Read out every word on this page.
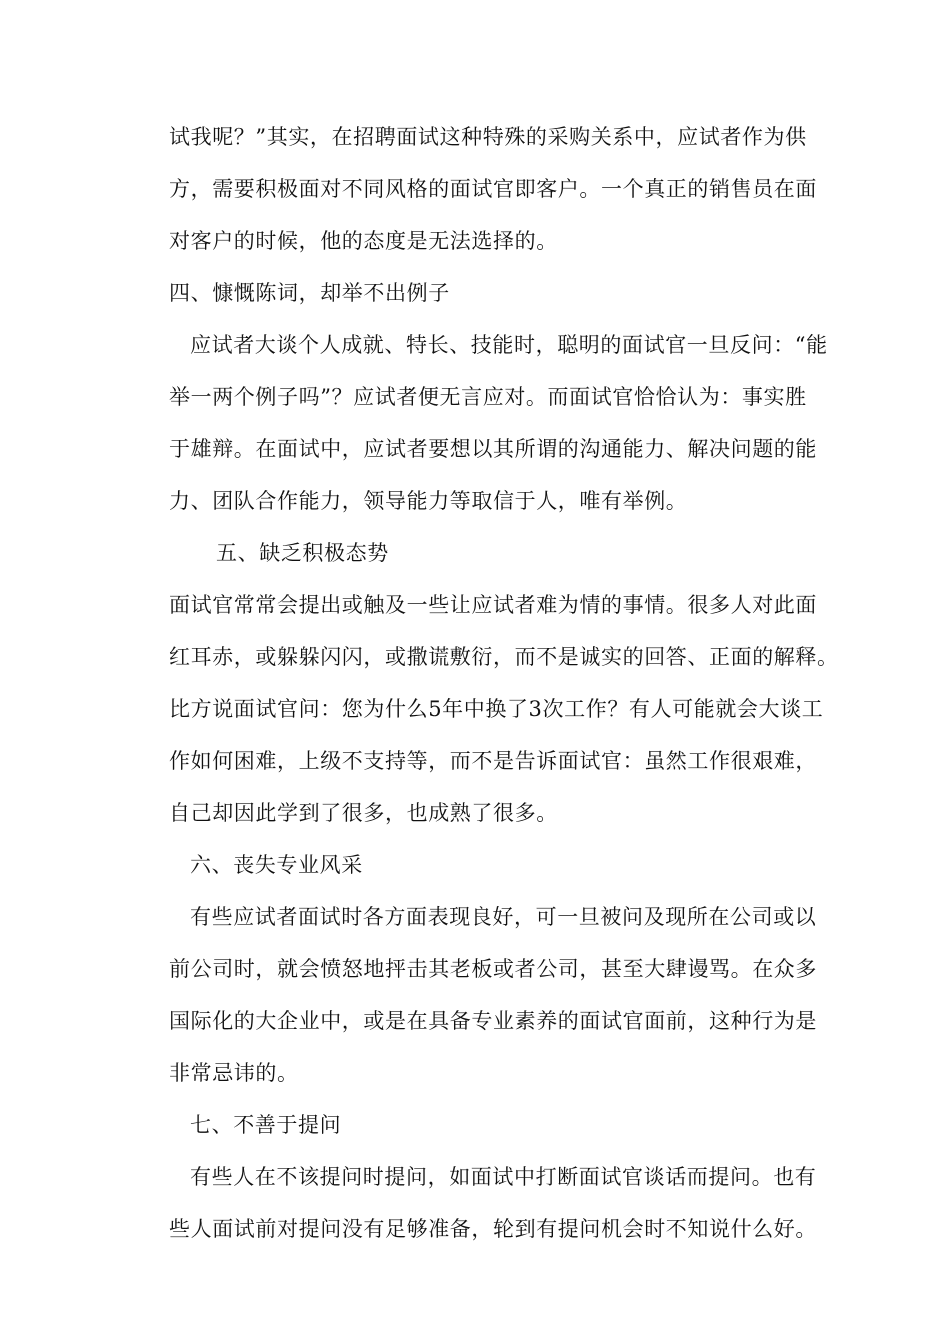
试我呢？”其实，在招聘面试这种特殊的采购关系中，应试者作为供
方，需要积极面对不同风格的面试官即客户。一个真正的销售员在面
对客户的时候，他的态度是无法选择的。
四、慷慨陈词，却举不出例子
应试者大谈个人成就、特长、技能时，聪明的面试官一旦反问：“能
举一两个例子吗”？应试者便无言应对。而面试官恰恰认为：事实胜
于雄辩。在面试中，应试者要想以其所谓的沟通能力、解决问题的能
力、团队合作能力，领导能力等取信于人，唯有举例。
五、缺乏积极态势
面试官常常会提出或触及一些让应试者难为情的事情。很多人对此面
红耳赤，或躲躲闪闪，或撒谎敷衍，而不是诚实的回答、正面的解释。
比方说面试官问：您为什么5年中换了3次工作？有人可能就会大谈工
作如何困难，上级不支持等，而不是告诉面试官：虽然工作很艰难，
自己却因此学到了很多，也成熟了很多。
六、丧失专业风采
有些应试者面试时各方面表现良好，可一旦被问及现所在公司或以
前公司时，就会愤怒地抨击其老板或者公司，甚至大肆谩骂。在众多
国际化的大企业中，或是在具备专业素养的面试官面前，这种行为是
非常忌讳的。
七、不善于提问
有些人在不该提问时提问，如面试中打断面试官谈话而提问。也有
些人面试前对提问没有足够准备，轮到有提问机会时不知说什么好。
